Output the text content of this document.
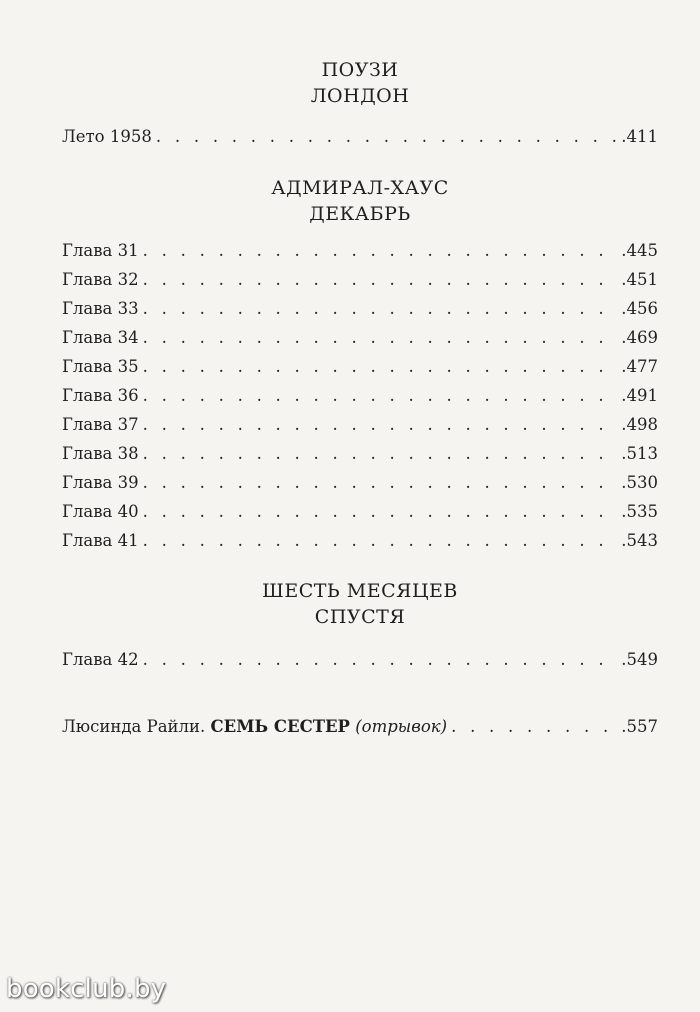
ПОУЗИ
ЛОНДОН
Лето 1958 . . .	.411
АДМИРАЛ-ХАУС
ДЕКАБРЬ
Глава 31 . . .	.445
Глава 32 . . .	.451
Глава 33 . . .	.456
Глава 34 . . .	.469
Глава 35 . . .	.477
Глава 36 . . .	.491
Глава 37 . . .	.498
Глава 38 . . .	.513
Глава 39 . . .	.530
Глава 40 . . .	.535
Глава 41 . . .	.543
ШЕСТЬ МЕСЯЦЕВ
СПУСТЯ
Глава 42 . . .	.549
Люсинда Райли. СЕМЬ СЕСТЕР (отрывок) . . .	.557
bookclub.by
